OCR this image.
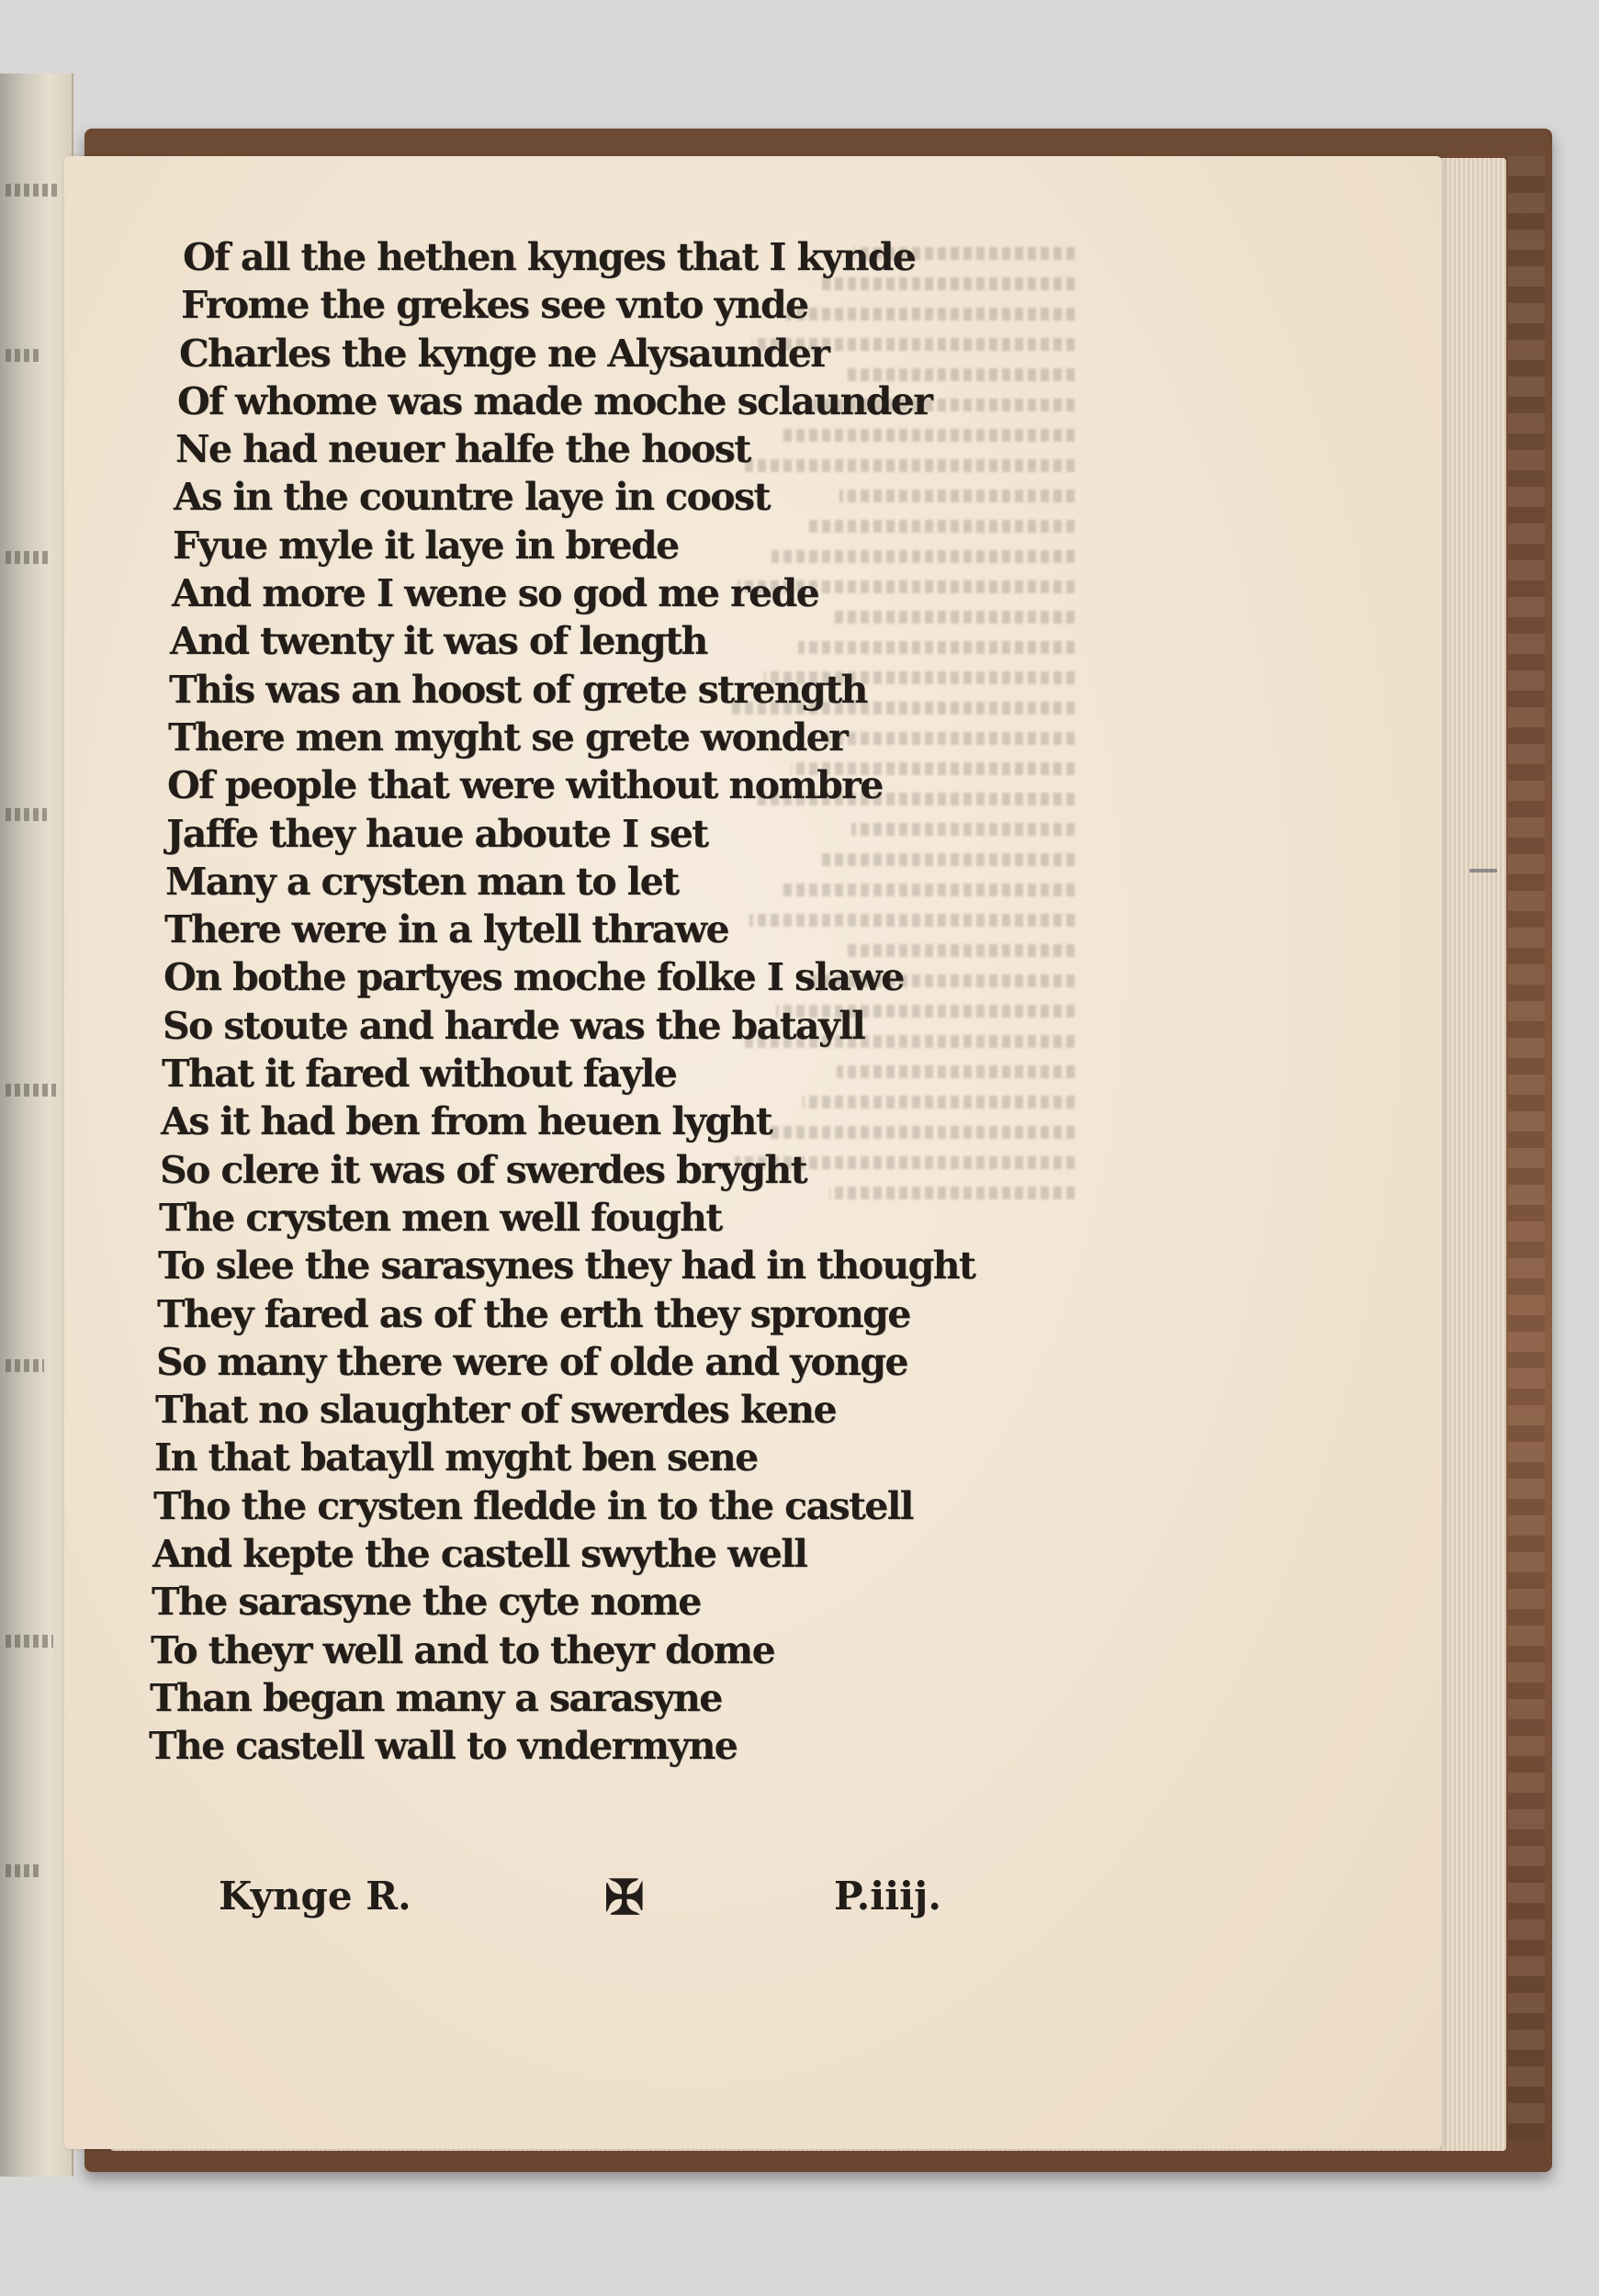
Of all the hethen kynges that I kynde
Frome the grekes see vnto ynde
Charles the kynge ne Alysaunder
Of whome was made moche sclaunder
Ne had neuer halfe the hoost
As in the countre laye in coost
Fyue myle it laye in brede
And more I wene so god me rede
And twenty it was of length
This was an hoost of grete strength
There men myght se grete wonder
Of people that were without nombre
Jaffe they haue aboute I set
Many a crysten man to let
There were in a lytell thrawe
On bothe partyes moche folke I slawe
So stoute and harde was the batayll
That it fared without fayle
As it had ben from heuen lyght
So clere it was of swerdes bryght
The crysten men well fought
To slee the sarasynes they had in thought
They fared as of the erth they spronge
So many there were of olde and yonge
That no slaughter of swerdes kene
In that batayll myght ben sene
Tho the crysten fledde in to the castell
And kepte the castell swythe well
The sarasyne the cyte nome
To theyr well and to theyr dome
Than began many a sarasyne
The castell wall to vndermyne
Kynge R.	✠	P.iiij.
